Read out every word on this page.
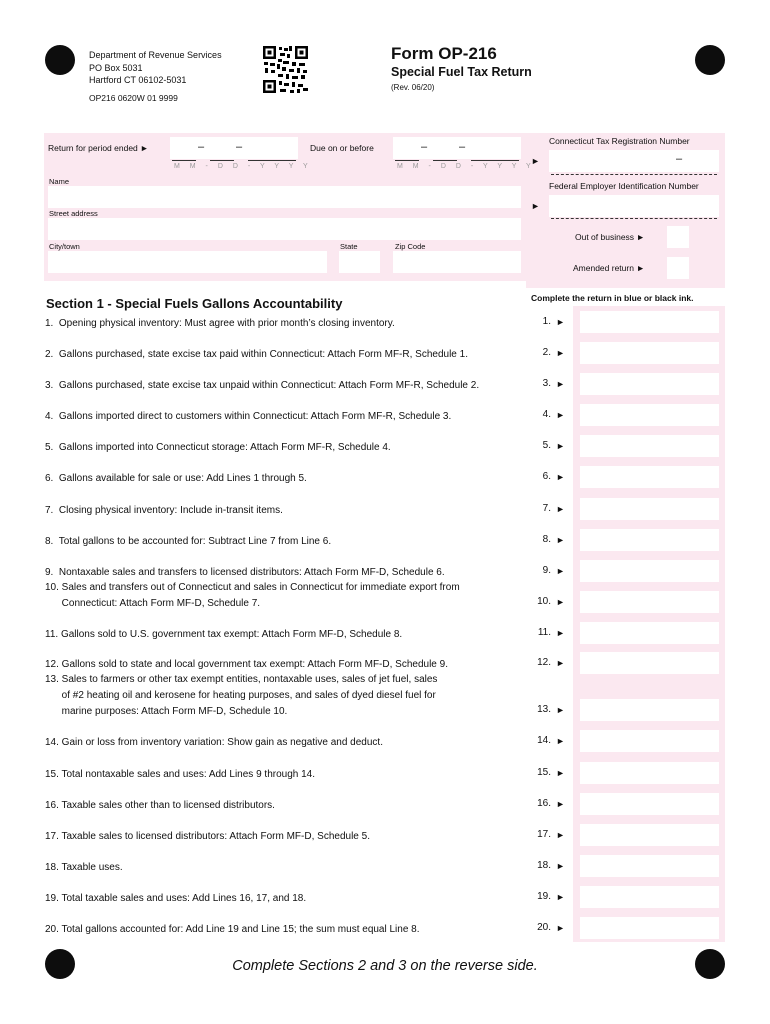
Department of Revenue Services
PO Box 5031
Hartford CT 06102-5031
OP216 0620W 01 9999
Form OP-216
Special Fuel Tax Return
(Rev. 06/20)
Return for period ended ►	–	–
M M - D D - Y Y Y Y
Due on or before	–	–
M M - D D - Y Y Y Y
Name
Street address
City/town	State	Zip Code
Connecticut Tax Registration Number
►	–
Federal Employer Identification Number
►
Out of business ►
Amended return ►
Section 1 - Special Fuels Gallons Accountability	Complete the return in blue or black ink.
1.  Opening physical inventory: Must agree with prior month’s closing inventory.	1. ►
2.  Gallons purchased, state excise tax paid within Connecticut: Attach Form MF-R, Schedule 1.	2. ►
3.  Gallons purchased, state excise tax unpaid within Connecticut: Attach Form MF-R, Schedule 2.	3. ►
4.  Gallons imported direct to customers within Connecticut: Attach Form MF-R, Schedule 3.	4. ►
5.  Gallons imported into Connecticut storage: Attach Form MF-R, Schedule 4.	5. ►
6.  Gallons available for sale or use: Add Lines 1 through 5.	6. ►
7.  Closing physical inventory: Include in-transit items.	7. ►
8.  Total gallons to be accounted for: Subtract Line 7 from Line 6.	8. ►
9.  Nontaxable sales and transfers to licensed distributors: Attach Form MF-D, Schedule 6.	9. ►
10. Sales and transfers out of Connecticut and sales in Connecticut for immediate export from
Connecticut: Attach Form MF-D, Schedule 7.	10. ►
11. Gallons sold to U.S. government tax exempt: Attach Form MF-D, Schedule 8.	11. ►
12. Gallons sold to state and local government tax exempt: Attach Form MF-D, Schedule 9.	12. ►
13. Sales to farmers or other tax exempt entities, nontaxable uses, sales of jet fuel, sales
of #2 heating oil and kerosene for heating purposes, and sales of dyed diesel fuel for
marine purposes: Attach Form MF-D, Schedule 10.	13. ►
14. Gain or loss from inventory variation: Show gain as negative and deduct.	14. ►
15. Total nontaxable sales and uses: Add Lines 9 through 14.	15. ►
16. Taxable sales other than to licensed distributors.	16. ►
17. Taxable sales to licensed distributors: Attach Form MF-D, Schedule 5.	17. ►
18. Taxable uses.	18. ►
19. Total taxable sales and uses: Add Lines 16, 17, and 18.	19. ►
20. Total gallons accounted for: Add Line 19 and Line 15; the sum must equal Line 8.	20. ►
Complete Sections 2 and 3 on the reverse side.
